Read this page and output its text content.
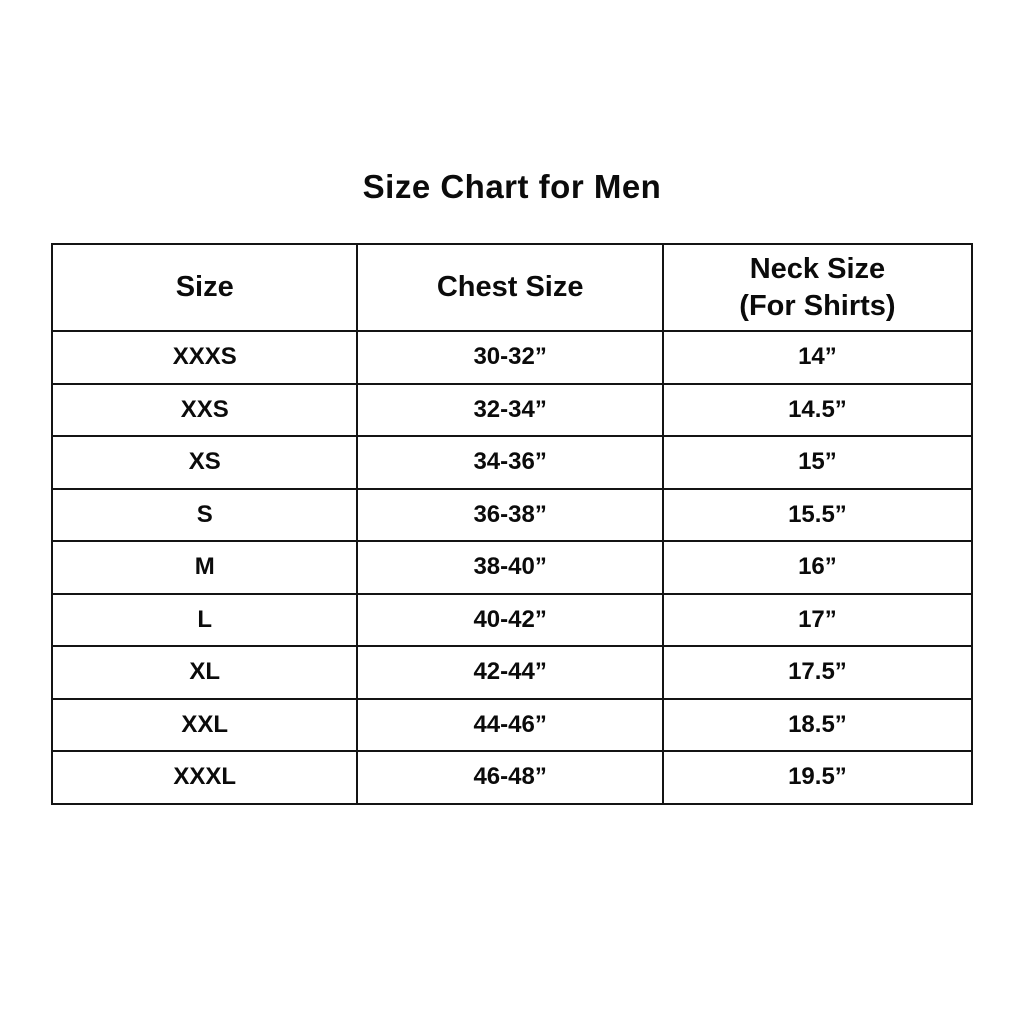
Size Chart for Men
Size	Chest Size	Neck Size
(For Shirts)
XXXS	30-32”	14”
XXS	32-34”	14.5”
XS	34-36”	15”
S	36-38”	15.5”
M	38-40”	16”
L	40-42”	17”
XL	42-44”	17.5”
XXL	44-46”	18.5”
XXXL	46-48”	19.5”
